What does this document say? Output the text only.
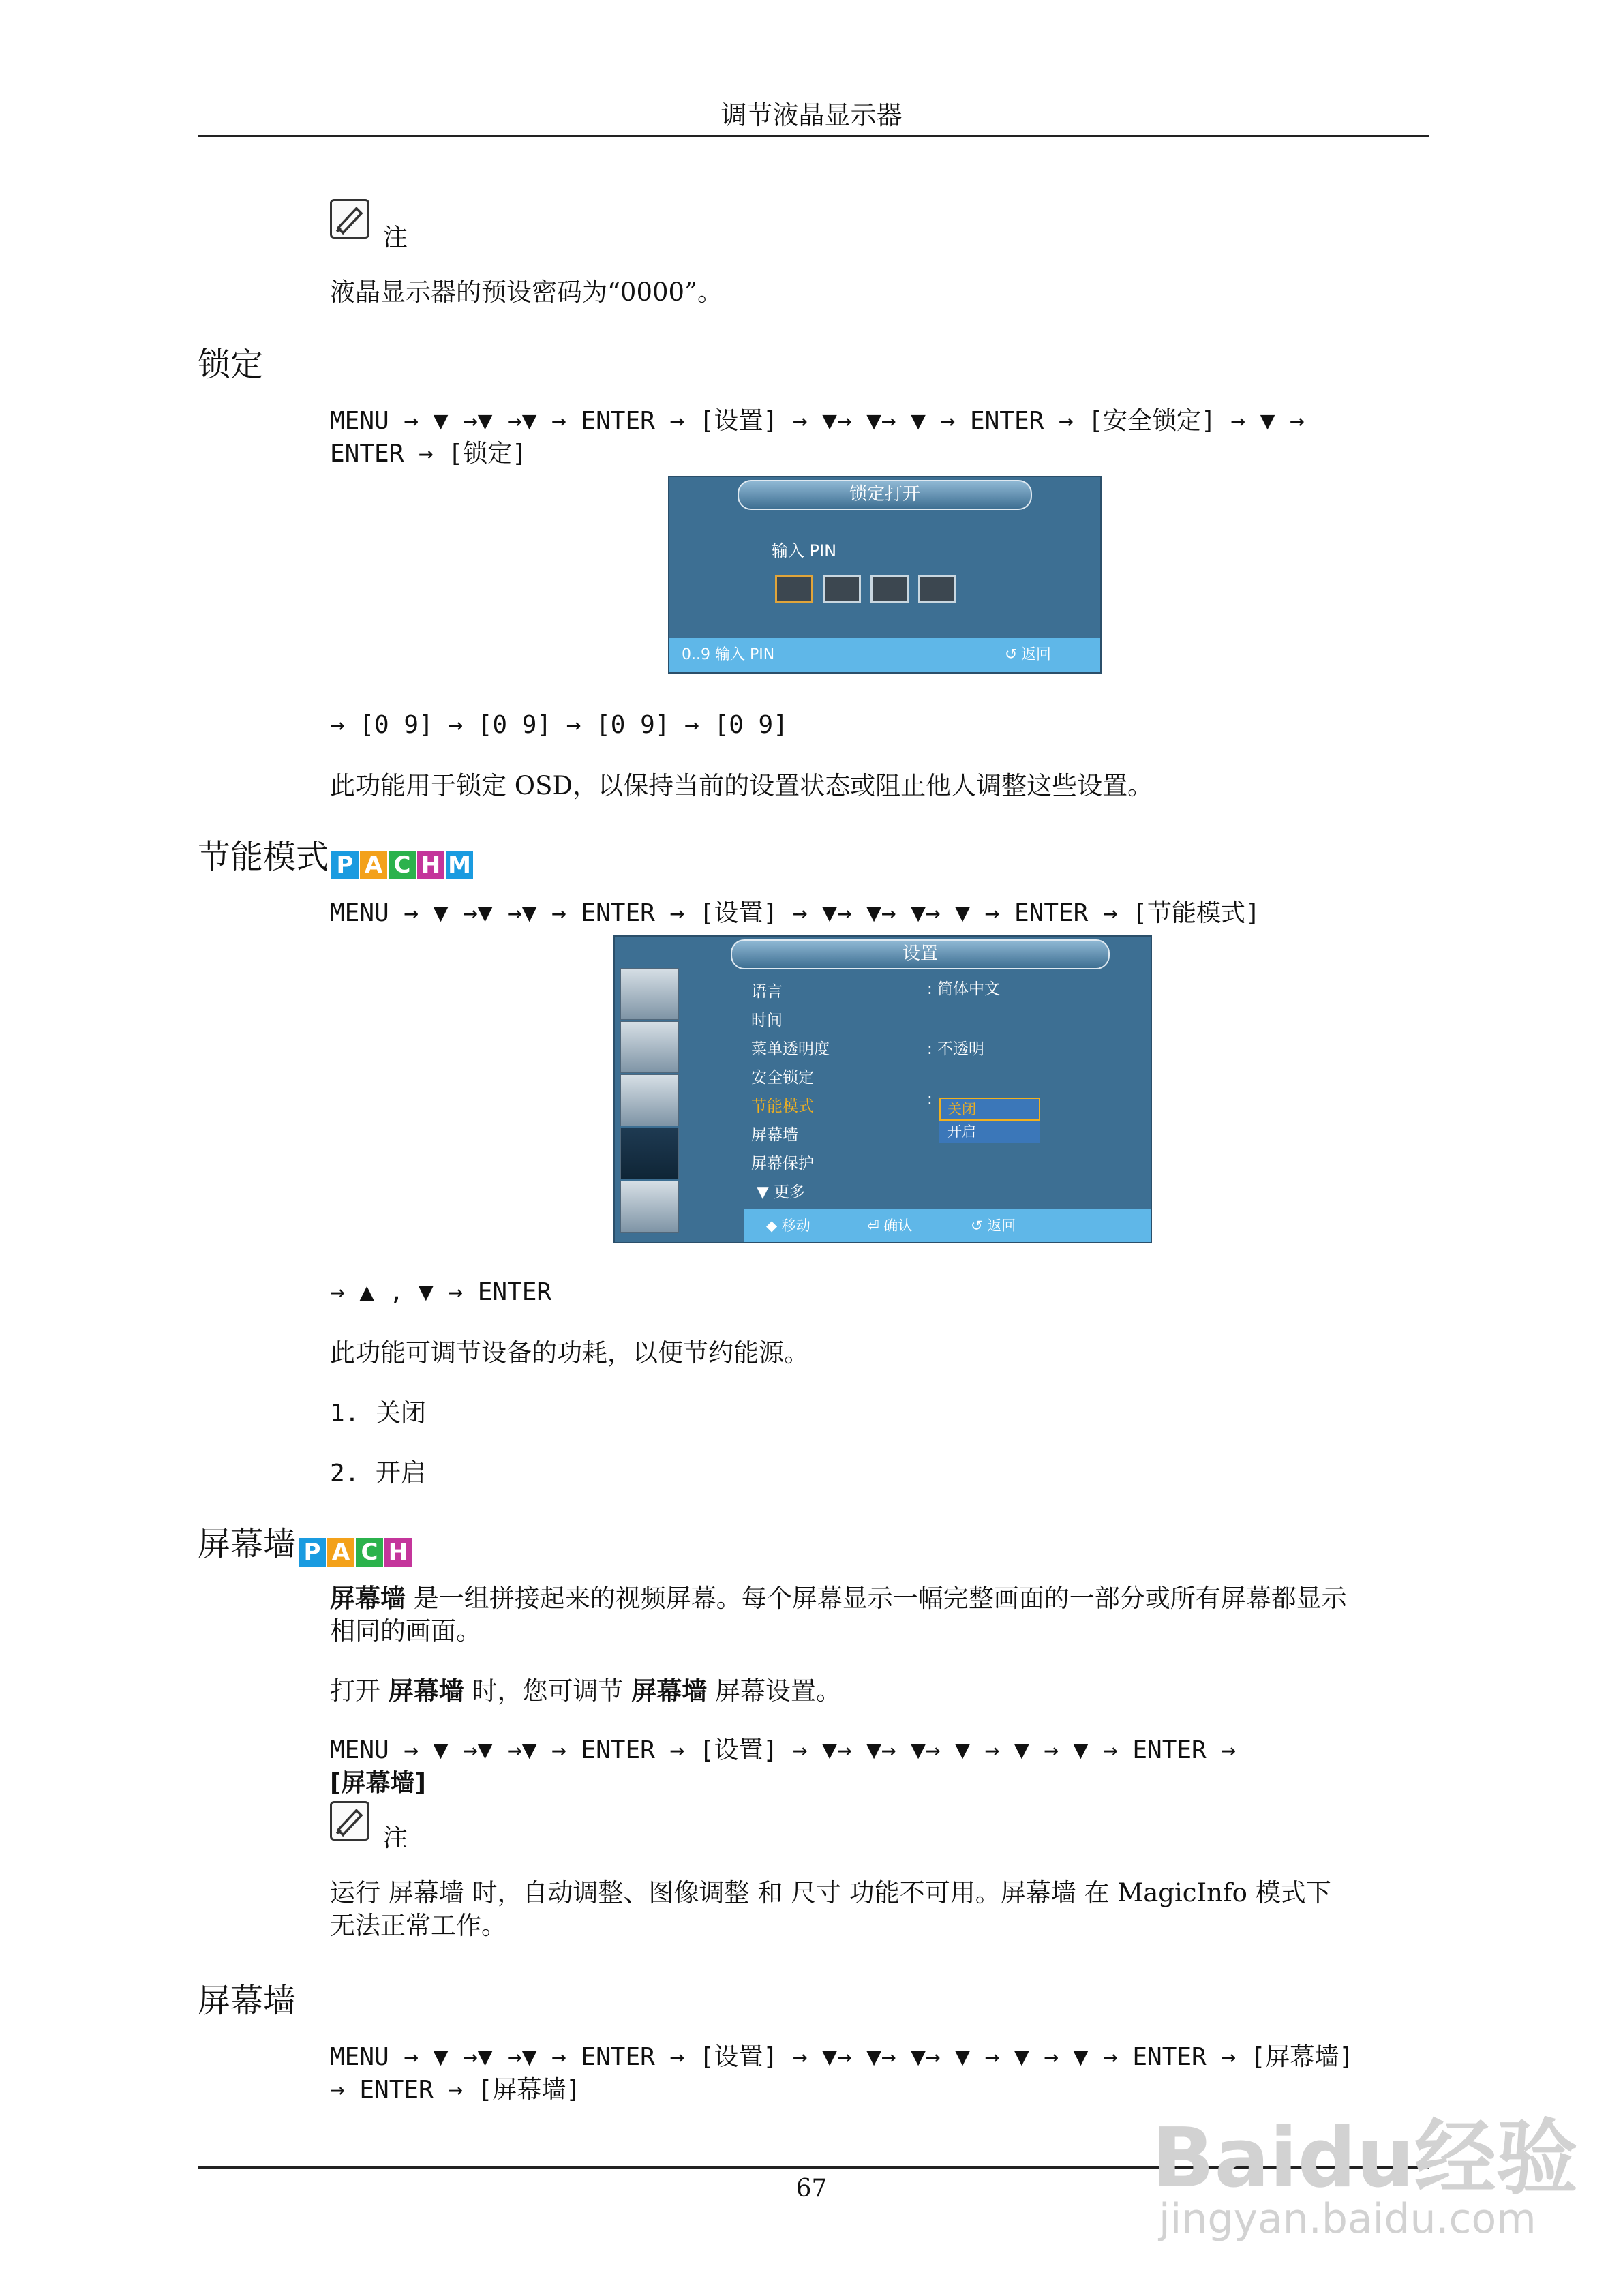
调节液晶显示器
注
液晶显示器的预设密码为“0000”。
锁定
MENU → ▼ →▼ →▼ → ENTER → [设置] → ▼→ ▼→ ▼ → ENTER → [安全锁定] → ▼ →
ENTER → [锁定]
锁定打开
输入 PIN
0..9 输入 PIN	↺ 返回
→ [0 9] → [0 9] → [0 9] → [0 9]
此功能用于锁定 OSD，以保持当前的设置状态或阻止他人调整这些设置。
节能模式 P A C H M
MENU → ▼ →▼ →▼ → ENTER → [设置] → ▼→ ▼→ ▼→ ▼ → ENTER → [节能模式]
设置
语言
时间
菜单透明度
安全锁定
节能模式
屏幕墙
屏幕保护
▼ 更多
: 简体中文
: 不透明
:
关闭
开启
◆ 移动	⏎ 确认	↺ 返回
→ ▲ , ▼ → ENTER
此功能可调节设备的功耗，以便节约能源。
1. 关闭
2. 开启
屏幕墙 P A C H
屏幕墙 是一组拼接起来的视频屏幕。每个屏幕显示一幅完整画面的一部分或所有屏幕都显示
相同的画面。
打开 屏幕墙 时，您可调节 屏幕墙 屏幕设置。
MENU → ▼ →▼ →▼ → ENTER → [设置] → ▼→ ▼→ ▼→ ▼ → ▼ → ▼ → ENTER →
[屏幕墙]
注
运行 屏幕墙 时，自动调整、图像调整 和 尺寸 功能不可用。屏幕墙 在 MagicInfo 模式下
无法正常工作。
屏幕墙
MENU → ▼ →▼ →▼ → ENTER → [设置] → ▼→ ▼→ ▼→ ▼ → ▼ → ▼ → ENTER → [屏幕墙]
→ ENTER → [屏幕墙]
67	Baidu经验
jingyan.baidu.com
